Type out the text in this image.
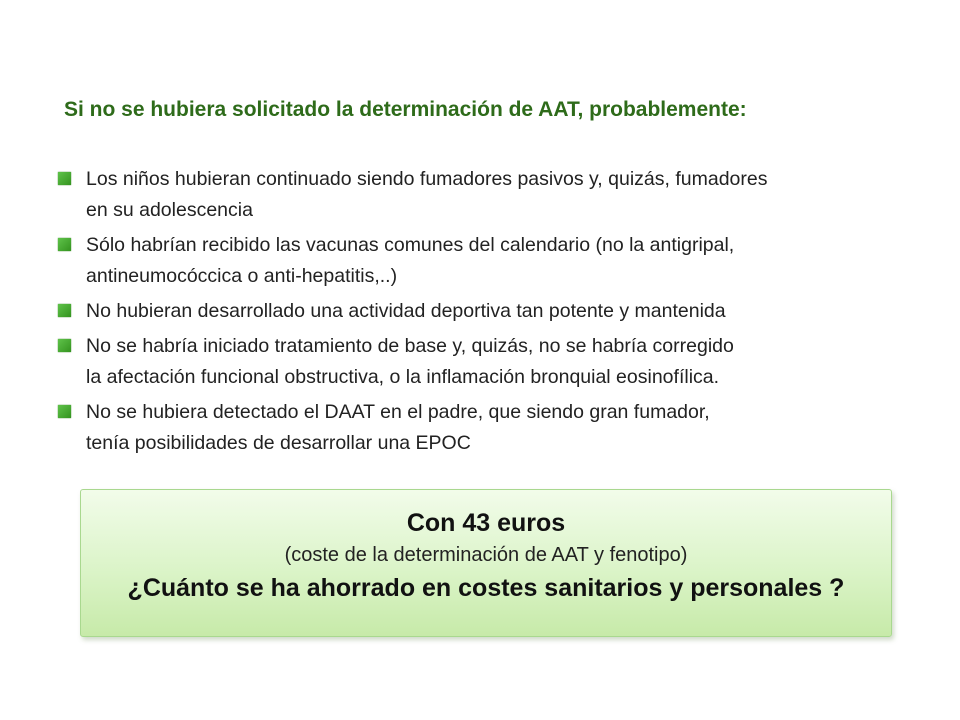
Si no se hubiera solicitado la determinación de AAT, probablemente:
Los niños hubieran continuado siendo fumadores pasivos y, quizás, fumadores
en su adolescencia
Sólo habrían recibido las vacunas comunes del calendario (no la antigripal,
antineumocóccica o anti-hepatitis,..)
No hubieran desarrollado una actividad deportiva tan potente y mantenida
No se habría iniciado tratamiento de base y, quizás, no se habría corregido
la afectación funcional obstructiva, o la inflamación bronquial eosinofílica.
No se hubiera detectado el DAAT en el padre, que siendo gran fumador,
tenía posibilidades de desarrollar una EPOC
Con 43 euros
(coste de la determinación de AAT y fenotipo)
¿Cuánto se ha ahorrado en costes sanitarios y personales ?
